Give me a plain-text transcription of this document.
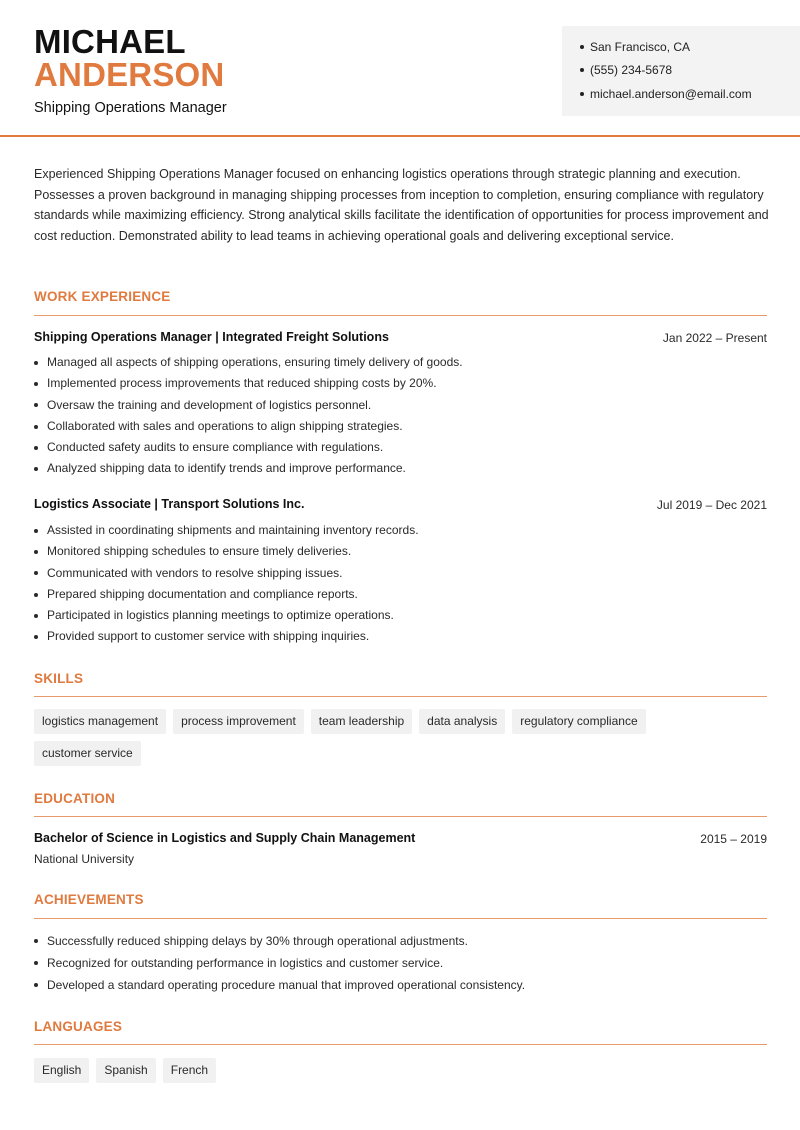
MICHAEL
ANDERSON
Shipping Operations Manager
San Francisco, CA
(555) 234-5678
michael.anderson@email.com
Experienced Shipping Operations Manager focused on enhancing logistics operations through strategic planning and execution. Possesses a proven background in managing shipping processes from inception to completion, ensuring compliance with regulatory standards while maximizing efficiency. Strong analytical skills facilitate the identification of opportunities for process improvement and cost reduction. Demonstrated ability to lead teams in achieving operational goals and delivering exceptional service.
WORK EXPERIENCE
Shipping Operations Manager | Integrated Freight Solutions	Jan 2022 – Present
Managed all aspects of shipping operations, ensuring timely delivery of goods.
Implemented process improvements that reduced shipping costs by 20%.
Oversaw the training and development of logistics personnel.
Collaborated with sales and operations to align shipping strategies.
Conducted safety audits to ensure compliance with regulations.
Analyzed shipping data to identify trends and improve performance.
Logistics Associate | Transport Solutions Inc.	Jul 2019 – Dec 2021
Assisted in coordinating shipments and maintaining inventory records.
Monitored shipping schedules to ensure timely deliveries.
Communicated with vendors to resolve shipping issues.
Prepared shipping documentation and compliance reports.
Participated in logistics planning meetings to optimize operations.
Provided support to customer service with shipping inquiries.
SKILLS
logistics management	process improvement	team leadership	data analysis	regulatory compliance
customer service
EDUCATION
Bachelor of Science in Logistics and Supply Chain Management	2015 – 2019
National University
ACHIEVEMENTS
Successfully reduced shipping delays by 30% through operational adjustments.
Recognized for outstanding performance in logistics and customer service.
Developed a standard operating procedure manual that improved operational consistency.
LANGUAGES
English	Spanish	French
